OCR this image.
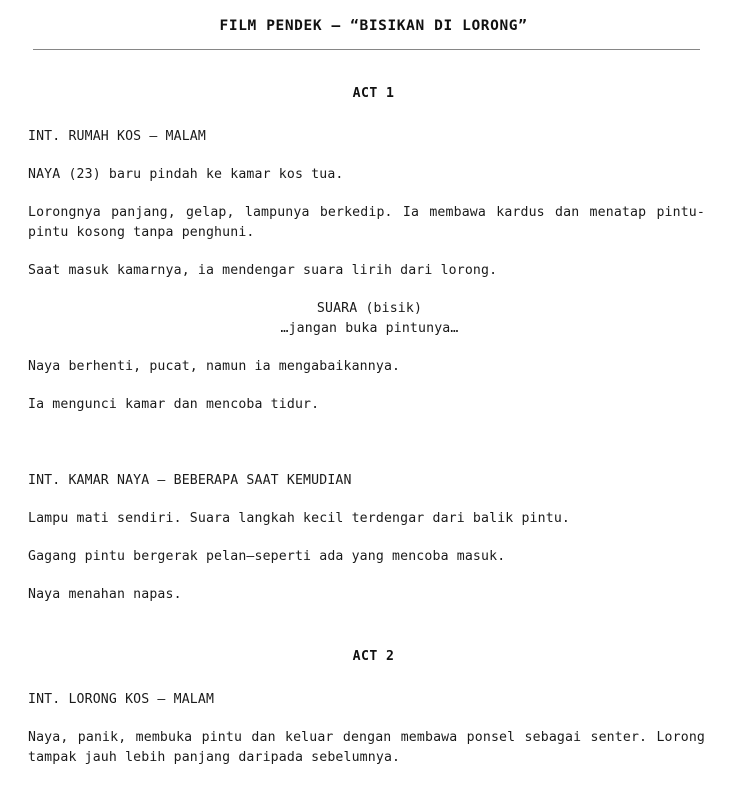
FILM PENDEK — “BISIKAN DI LORONG”
ACT 1

INT. RUMAH KOS – MALAM

NAYA (23) baru pindah ke kamar kos tua.

Lorongnya panjang, gelap, lampunya berkedip. Ia membawa kardus dan menatap pintu-pintu kosong tanpa penghuni.

Saat masuk kamarnya, ia mendengar suara lirih dari lorong.

SUARA (bisik)

…jangan buka pintunya…

Naya berhenti, pucat, namun ia mengabaikannya.

Ia mengunci kamar dan mencoba tidur.

INT. KAMAR NAYA – BEBERAPA SAAT KEMUDIAN

Lampu mati sendiri. Suara langkah kecil terdengar dari balik pintu.

Gagang pintu bergerak pelan—seperti ada yang mencoba masuk.

Naya menahan napas.

ACT 2

INT. LORONG KOS – MALAM

Naya, panik, membuka pintu dan keluar dengan membawa ponsel sebagai senter. Lorong tampak jauh lebih panjang daripada sebelumnya.
